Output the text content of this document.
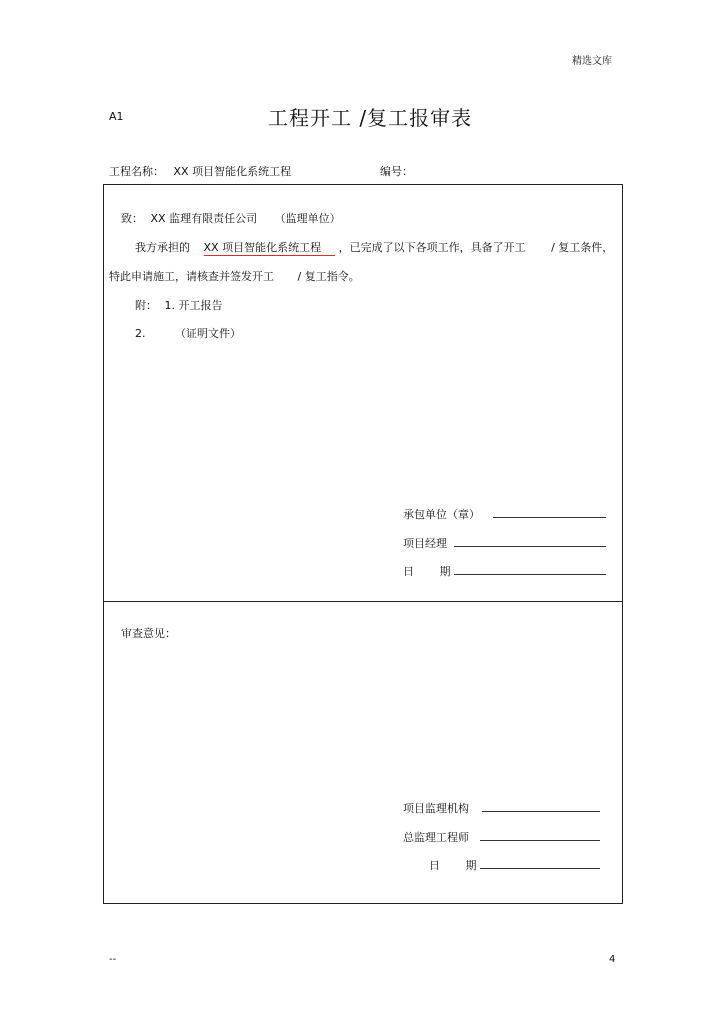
精选文库
A1	工程开工 /复工报审表
工程名称： XX 项目智能化系统工程	编号：
致： XX 监理有限责任公司 （监理单位）
我方承担的 XX 项目智能化系统工程 ，已完成了以下各项工作，具备了开工 / 复工条件，
特此申请施工，请核查并签发开工 / 复工指令。
附： 1. 开工报告
2.	（证明文件）
承包单位（章）
项目经理
日 期
审查意见：
项目监理机构
总监理工程师
日 期
--	4
